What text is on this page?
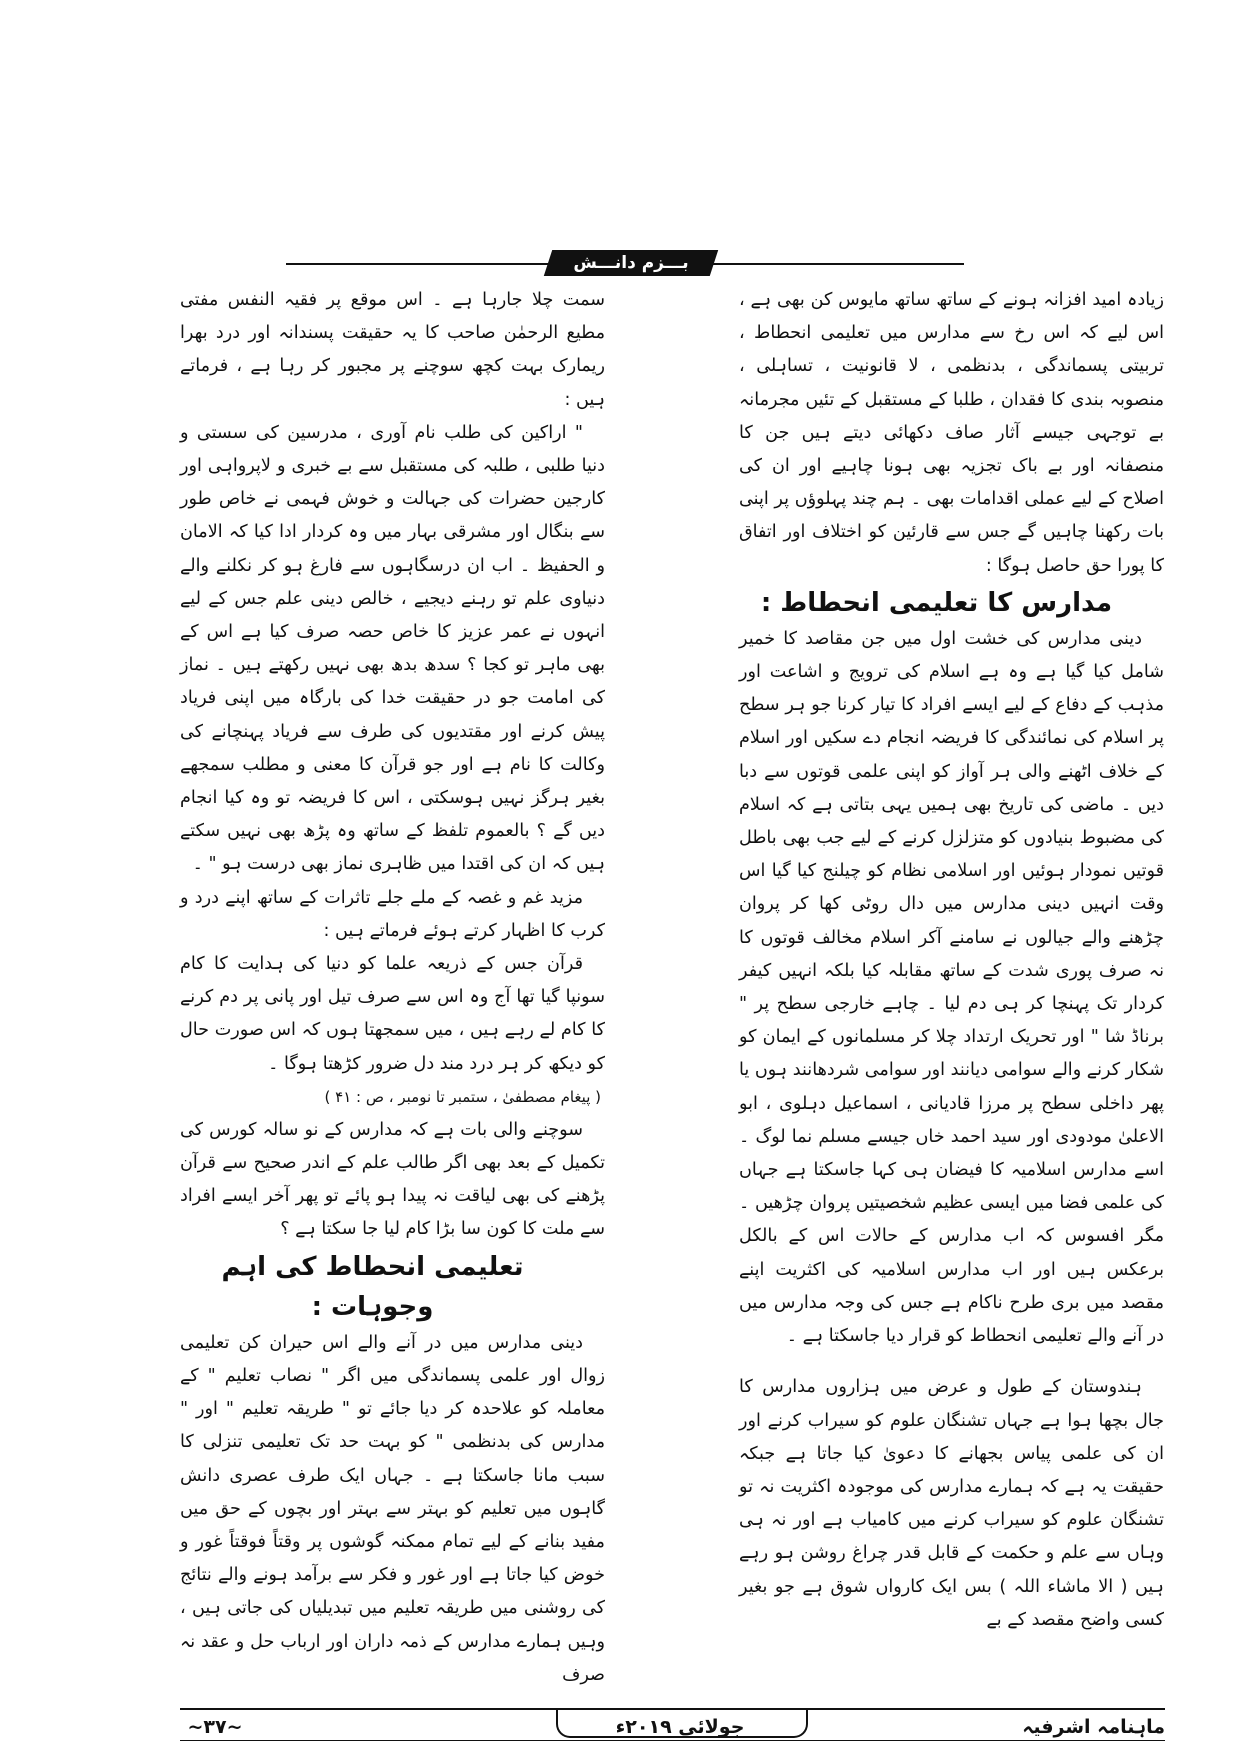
بـــزم دانـــش

زیادہ امید افزانہ ہونے کے ساتھ ساتھ مایوس کن بھی ہے ، اس لیے کہ اس رخ سے مدارس میں تعلیمی انحطاط ، تربیتی پسماندگی ، بدنظمی ، لا قانونیت ، تساہلی ، منصوبہ بندی کا فقدان ، طلبا کے مستقبل کے تئیں مجرمانہ بے توجہی جیسے آثار صاف دکھائی دیتے ہیں جن کا منصفانہ اور بے باک تجزیہ بھی ہونا چاہیے اور ان کی اصلاح کے لیے عملی اقدامات بھی ۔ ہم چند پہلوؤں پر اپنی بات رکھنا چاہیں گے جس سے قارئین کو اختلاف اور اتفاق کا پورا حق حاصل ہوگا :

مدارس کا تعلیمی انحطاط :

دینی مدارس کی خشت اول میں جن مقاصد کا خمیر شامل کیا گیا ہے وہ ہے اسلام کی ترویج و اشاعت اور مذہب کے دفاع کے لیے ایسے افراد کا تیار کرنا جو ہر سطح پر اسلام کی نمائندگی کا فریضہ انجام دے سکیں اور اسلام کے خلاف اٹھنے والی ہر آواز کو اپنی علمی قوتوں سے دبا دیں ۔ ماضی کی تاریخ بھی ہمیں یہی بتاتی ہے کہ اسلام کی مضبوط بنیادوں کو متزلزل کرنے کے لیے جب بھی باطل قوتیں نمودار ہوئیں اور اسلامی نظام کو چیلنج کیا گیا اس وقت انہیں دینی مدارس میں دال روٹی کھا کر پروان چڑھنے والے جیالوں نے سامنے آکر اسلام مخالف قوتوں کا نہ صرف پوری شدت کے ساتھ مقابلہ کیا بلکہ انہیں کیفر کردار تک پہنچا کر ہی دم لیا ۔ چاہے خارجی سطح پر " برناڈ شا " اور تحریک ارتداد چلا کر مسلمانوں کے ایمان کو شکار کرنے والے سوامی دیانند اور سوامی شردھانند ہوں یا پھر داخلی سطح پر مرزا قادیانی ، اسماعیل دہلوی ، ابو الاعلیٰ مودودی اور سید احمد خاں جیسے مسلم نما لوگ ۔ اسے مدارس اسلامیہ کا فیضان ہی کہا جاسکتا ہے جہاں کی علمی فضا میں ایسی عظیم شخصیتیں پروان چڑھیں ۔ مگر افسوس کہ اب مدارس کے حالات اس کے بالکل برعکس ہیں اور اب مدارس اسلامیہ کی اکثریت اپنے مقصد میں بری طرح ناکام ہے جس کی وجہ مدارس میں در آنے والے تعلیمی انحطاط کو قرار دیا جاسکتا ہے ۔

ہندوستان کے طول و عرض میں ہزاروں مدارس کا جال بچھا ہوا ہے جہاں تشنگان علوم کو سیراب کرنے اور ان کی علمی پیاس بجھانے کا دعویٰ کیا جاتا ہے جبکہ حقیقت یہ ہے کہ ہمارے مدارس کی موجودہ اکثریت نہ تو تشنگان علوم کو سیراب کرنے میں کامیاب ہے اور نہ ہی وہاں سے علم و حکمت کے قابل قدر چراغ روشن ہو رہے ہیں ( الا ماشاء اللہ ) بس ایک کارواں شوق ہے جو بغیر کسی واضح مقصد کے بے

سمت چلا جارہا ہے ۔ اس موقع پر فقیہ النفس مفتی مطیع الرحمٰن صاحب کا یہ حقیقت پسندانہ اور درد بھرا ریمارک بہت کچھ سوچنے پر مجبور کر رہا ہے ، فرماتے ہیں :

" اراکین کی طلب نام آوری ، مدرسین کی سستی و دنیا طلبی ، طلبہ کی مستقبل سے بے خبری و لاپرواہی اور کارجین حضرات کی جہالت و خوش فہمی نے خاص طور سے بنگال اور مشرقی بہار میں وہ کردار ادا کیا کہ الامان و الحفیظ ۔ اب ان درسگاہوں سے فارغ ہو کر نکلنے والے دنیاوی علم تو رہنے دیجیے ، خالص دینی علم جس کے لیے انہوں نے عمر عزیز کا خاص حصہ صرف کیا ہے اس کے بھی ماہر تو کجا ؟ سدھ بدھ بھی نہیں رکھتے ہیں ۔ نماز کی امامت جو در حقیقت خدا کی بارگاہ میں اپنی فریاد پیش کرنے اور مقتدیوں کی طرف سے فریاد پہنچانے کی وکالت کا نام ہے اور جو قرآن کا معنی و مطلب سمجھے بغیر ہرگز نہیں ہوسکتی ، اس کا فریضہ تو وہ کیا انجام دیں گے ؟ بالعموم تلفظ کے ساتھ وہ پڑھ بھی نہیں سکتے ہیں کہ ان کی اقتدا میں ظاہری نماز بھی درست ہو " ۔

مزید غم و غصہ کے ملے جلے تاثرات کے ساتھ اپنے درد و کرب کا اظہار کرتے ہوئے فرماتے ہیں :

قرآن جس کے ذریعہ علما کو دنیا کی ہدایت کا کام سونپا گیا تھا آج وہ اس سے صرف تیل اور پانی پر دم کرنے کا کام لے رہے ہیں ، میں سمجھتا ہوں کہ اس صورت حال کو دیکھ کر ہر درد مند دل ضرور کڑھتا ہوگا ۔

( پیغام مصطفیٰ ، ستمبر تا نومبر ، ص : ۴۱ )

سوچنے والی بات ہے کہ مدارس کے نو سالہ کورس کی تکمیل کے بعد بھی اگر طالب علم کے اندر صحیح سے قرآن پڑھنے کی بھی لیاقت نہ پیدا ہو پائے تو پھر آخر ایسے افراد سے ملت کا کون سا بڑا کام لیا جا سکتا ہے ؟

تعلیمی انحطاط کی اہم وجوہات :

دینی مدارس میں در آنے والے اس حیران کن تعلیمی زوال اور علمی پسماندگی میں اگر " نصاب تعلیم " کے معاملہ کو علاحدہ کر دیا جائے تو " طریقہ تعلیم " اور " مدارس کی بدنظمی " کو بہت حد تک تعلیمی تنزلی کا سبب مانا جاسکتا ہے ۔ جہاں ایک طرف عصری دانش گاہوں میں تعلیم کو بہتر سے بہتر اور بچوں کے حق میں مفید بنانے کے لیے تمام ممکنہ گوشوں پر وقتاً فوقتاً غور و خوض کیا جاتا ہے اور غور و فکر سے برآمد ہونے والے نتائج کی روشنی میں طریقہ تعلیم میں تبدیلیاں کی جاتی ہیں ، وہیں ہمارے مدارس کے ذمہ داران اور ارباب حل و عقد نہ صرف

ماہنامہ اشرفیہ
جولائی ۲۰۱۹ء
~۳۷~
